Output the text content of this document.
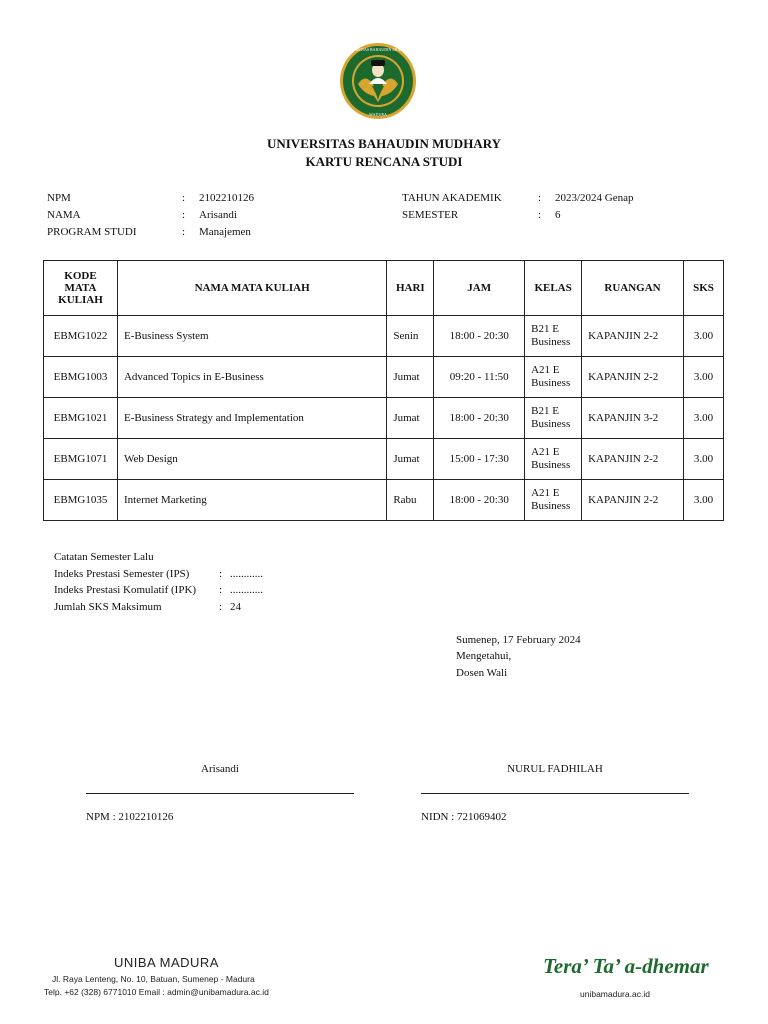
UNIVERSITAS BAHAUDIN MUDHARY
MADURA
UNIVERSITAS BAHAUDIN MUDHARY
KARTU RENCANA STUDI
NPM	: 2102210126
NAMA	: Arisandi
PROGRAM STUDI	: Manajemen
TAHUN AKADEMIK	: 2023/2024 Genap
SEMESTER	: 6
KODE
MATA
KULIAH	NAMA MATA KULIAH	HARI	JAM	KELAS	RUANGAN	SKS
EBMG1022	E-Business System	Senin	18:00 - 20:30	B21 E
Business	KAPANJIN 2-2	3.00
EBMG1003	Advanced Topics in E-Business	Jumat	09:20 - 11:50	A21 E
Business	KAPANJIN 2-2	3.00
EBMG1021	E-Business Strategy and Implementation	Jumat	18:00 - 20:30	B21 E
Business	KAPANJIN 3-2	3.00
EBMG1071	Web Design	Jumat	15:00 - 17:30	A21 E
Business	KAPANJIN 2-2	3.00
EBMG1035	Internet Marketing	Rabu	18:00 - 20:30	A21 E
Business	KAPANJIN 2-2	3.00
Catatan Semester Lalu
Indeks Prestasi Semester (IPS)	: ............
Indeks Prestasi Komulatif (IPK) : ............
Jumlah SKS Maksimum	: 24
Sumenep, 17 February 2024
Mengetahui,
Dosen Wali
Arisandi
NPM : 2102210126
NURUL FADHILAH
NIDN : 721069402
UNIBA MADURA
Jl. Raya Lenteng, No. 10, Batuan, Sumenep - Madura
Telp. +62 (328) 6771010 Email : admin@unibamadura.ac.id
Tera’ Ta’ a-dhemar
unibamadura.ac.id
